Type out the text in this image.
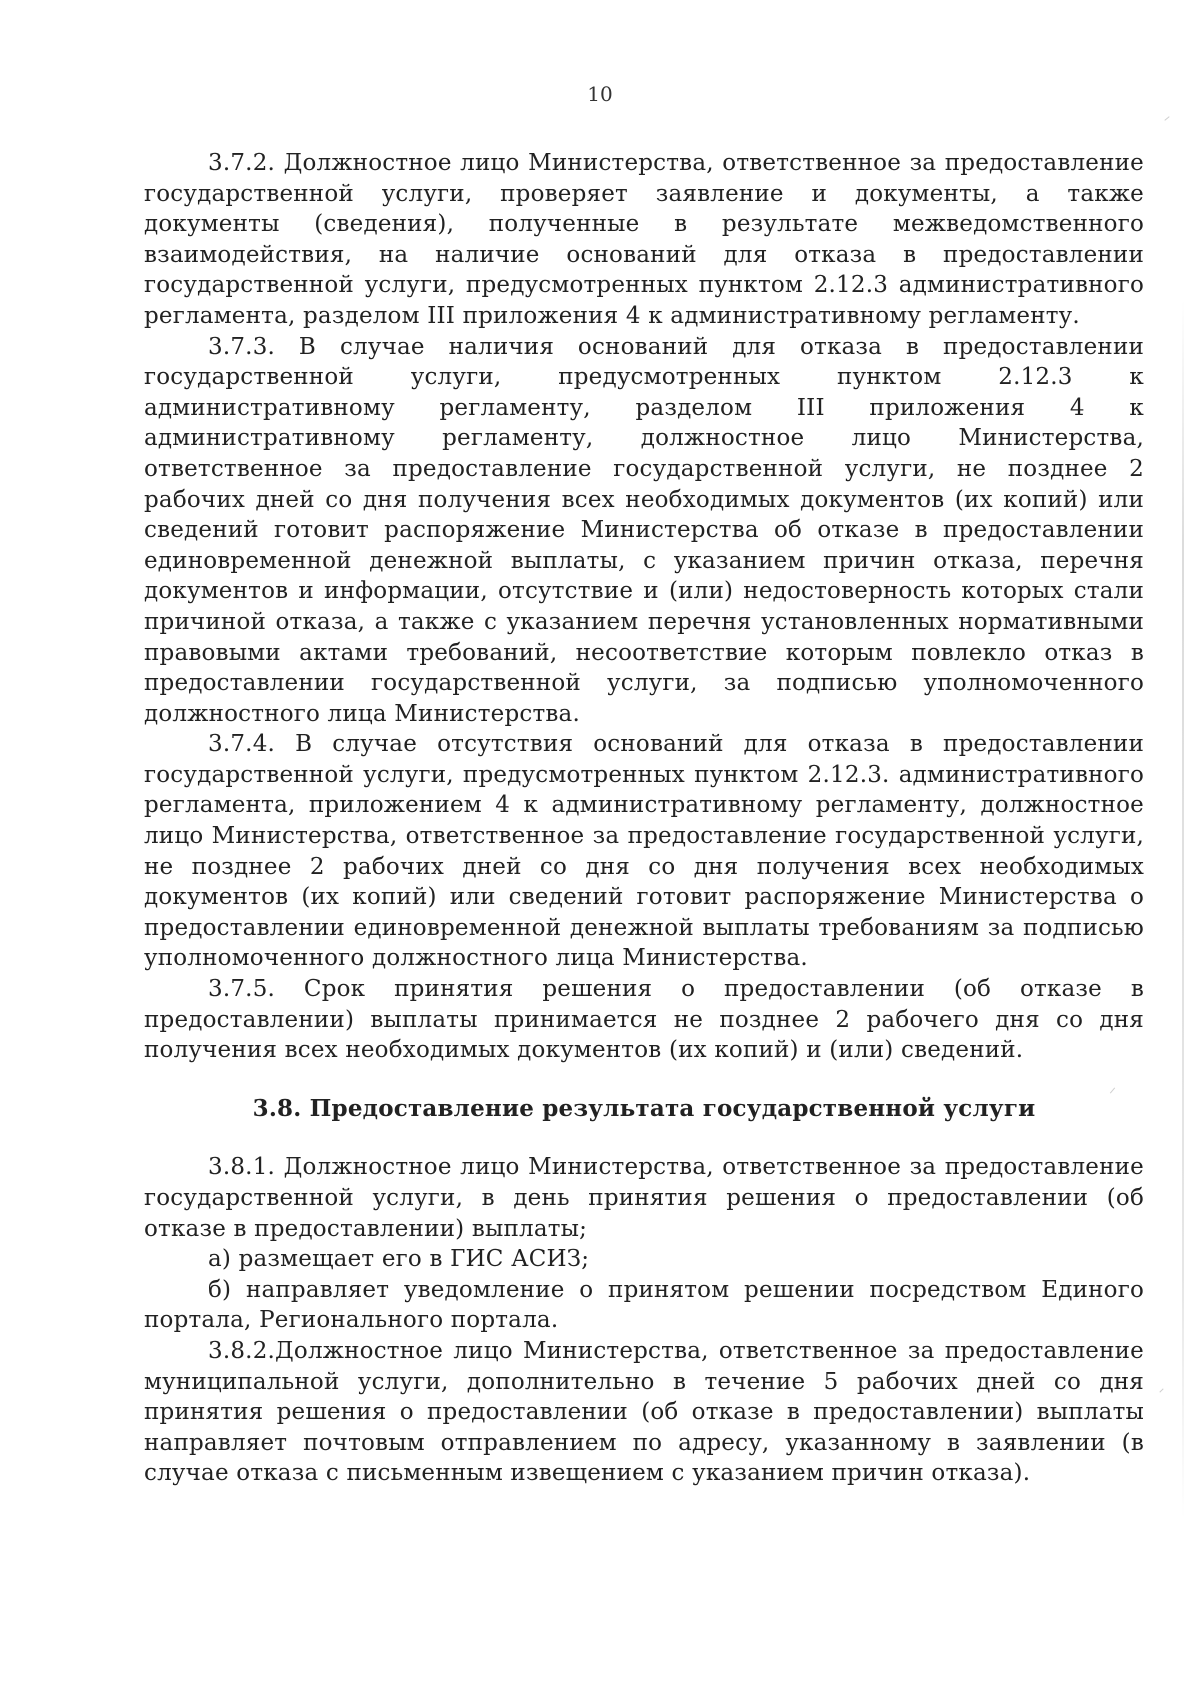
10

3.7.2. Должностное лицо Министерства, ответственное за предоставление государственной услуги, проверяет заявление и документы, а также документы (сведения), полученные в результате межведомственного взаимодействия, на наличие оснований для отказа в предоставлении государственной услуги, предусмотренных пунктом 2.12.3 административного регламента, разделом III приложения 4 к административному регламенту.

3.7.3. В случае наличия оснований для отказа в предоставлении государственной услуги, предусмотренных пунктом 2.12.3 к административному регламенту, разделом III приложения 4 к административному регламенту, должностное лицо Министерства, ответственное за предоставление государственной услуги, не позднее 2 рабочих дней со дня получения всех необходимых документов (их копий) или сведений готовит распоряжение Министерства об отказе в предоставлении единовременной денежной выплаты, с указанием причин отказа, перечня документов и информации, отсутствие и (или) недостоверность которых стали причиной отказа, а также с указанием перечня установленных нормативными правовыми актами требований, несоответствие которым повлекло отказ в предоставлении государственной услуги, за подписью уполномоченного должностного лица Министерства.

3.7.4. В случае отсутствия оснований для отказа в предоставлении государственной услуги, предусмотренных пунктом 2.12.3. административного регламента, приложением 4 к административному регламенту, должностное лицо Министерства, ответственное за предоставление государственной услуги, не позднее 2 рабочих дней со дня со дня получения всех необходимых документов (их копий) или сведений готовит распоряжение Министерства о предоставлении единовременной денежной выплаты требованиям за подписью уполномоченного должностного лица Министерства.

3.7.5. Срок принятия решения о предоставлении (об отказе в предоставлении) выплаты принимается не позднее 2 рабочего дня со дня получения всех необходимых документов (их копий) и (или) сведений.

3.8. Предоставление результата государственной услуги

3.8.1. Должностное лицо Министерства, ответственное за предоставление государственной услуги, в день принятия решения о предоставлении (об отказе в предоставлении) выплаты;

а) размещает его в ГИС АСИЗ;

б) направляет уведомление о принятом решении посредством Единого портала, Регионального портала.

3.8.2.Должностное лицо Министерства, ответственное за предоставление муниципальной услуги, дополнительно в течение 5 рабочих дней со дня принятия решения о предоставлении (об отказе в предоставлении) выплаты направляет почтовым отправлением по адресу, указанному в заявлении (в случае отказа с письменным извещением с указанием причин отказа).
